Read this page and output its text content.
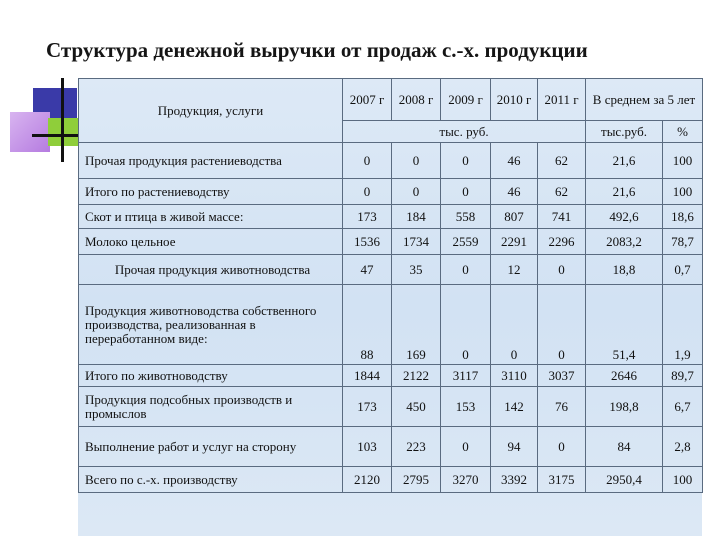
Структура денежной выручки от продаж с.-х. продукции
Продукция, услуги	2007 г	2008 г	2009 г	2010 г	2011 г	В среднем за 5 лет	
	тыс. руб.					тыс.руб.	%
Прочая продукция растениеводства	0	0	0	46	62	21,6	100
Итого по растениеводству	0	0	0	46	62	21,6	100
Скот и птица в живой массе:	173	184	558	807	741	492,6	18,6
Молоко цельное	1536	1734	2559	2291	2296	2083,2	78,7
Прочая продукция животноводства	47	35	0	12	0	18,8	0,7
Продукция животноводства собственного производства, реализованная в переработанном виде:	88	169	0	0	0	51,4	1,9
Итого по животноводству	1844	2122	3117	3110	3037	2646	89,7
Продукция подсобных производств и промыслов	173	450	153	142	76	198,8	6,7
Выполнение работ и услуг на сторону	103	223	0	94	0	84	2,8
Всего по с.-х. производству	2120	2795	3270	3392	3175	2950,4	100
